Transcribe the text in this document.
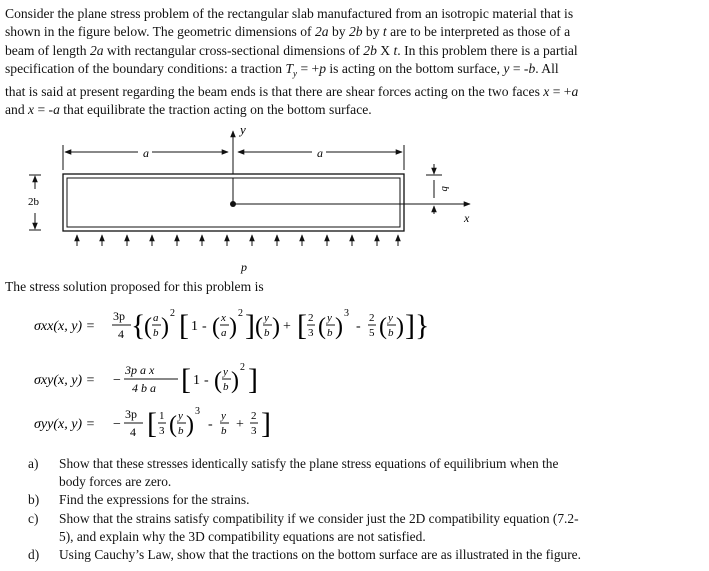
Consider the plane stress problem of the rectangular slab manufactured from an isotropic material that is
shown in the figure below. The geometric dimensions of 2a by 2b by t are to be interpreted as those of a
beam of length 2a with rectangular cross-sectional dimensions of 2b X t. In this problem there is a partial
specification of the boundary conditions: a traction $T_y = +p$ is acting on the bottom surface, y = -b. All
that is said at present regarding the beam ends is that there are shear forces acting on the two faces x = +a
and x = -a that equilibrate the traction acting on the bottom surface.
y
a	a
x
2b
b
p
The stress solution proposed for this problem is
σxx(x, y) =
3p
4 {
( a
b )
2 [ 1 - ( x
a )
2 ] ( y
b ) + [ 2
3 ( y
b )
3
-
2
5 ( y
b ) ] }
σxy(x, y) = −
3p a x
4 b a [ 1 - ( y
b )
2 ]
σyy(x, y) = −
3p
4 [ 1
3 ( y
b )
3
-
y
b +
2
3 ]
a) Show that these stresses identically satisfy the plane stress equations of equilibrium when the
body forces are zero.
b) Find the expressions for the strains.
c) Show that the strains satisfy compatibility if we consider just the 2D compatibility equation (7.2-
5), and explain why the 3D compatibility equations are not satisfied.
d) Using Cauchy’s Law, show that the tractions on the bottom surface are as illustrated in the figure.
